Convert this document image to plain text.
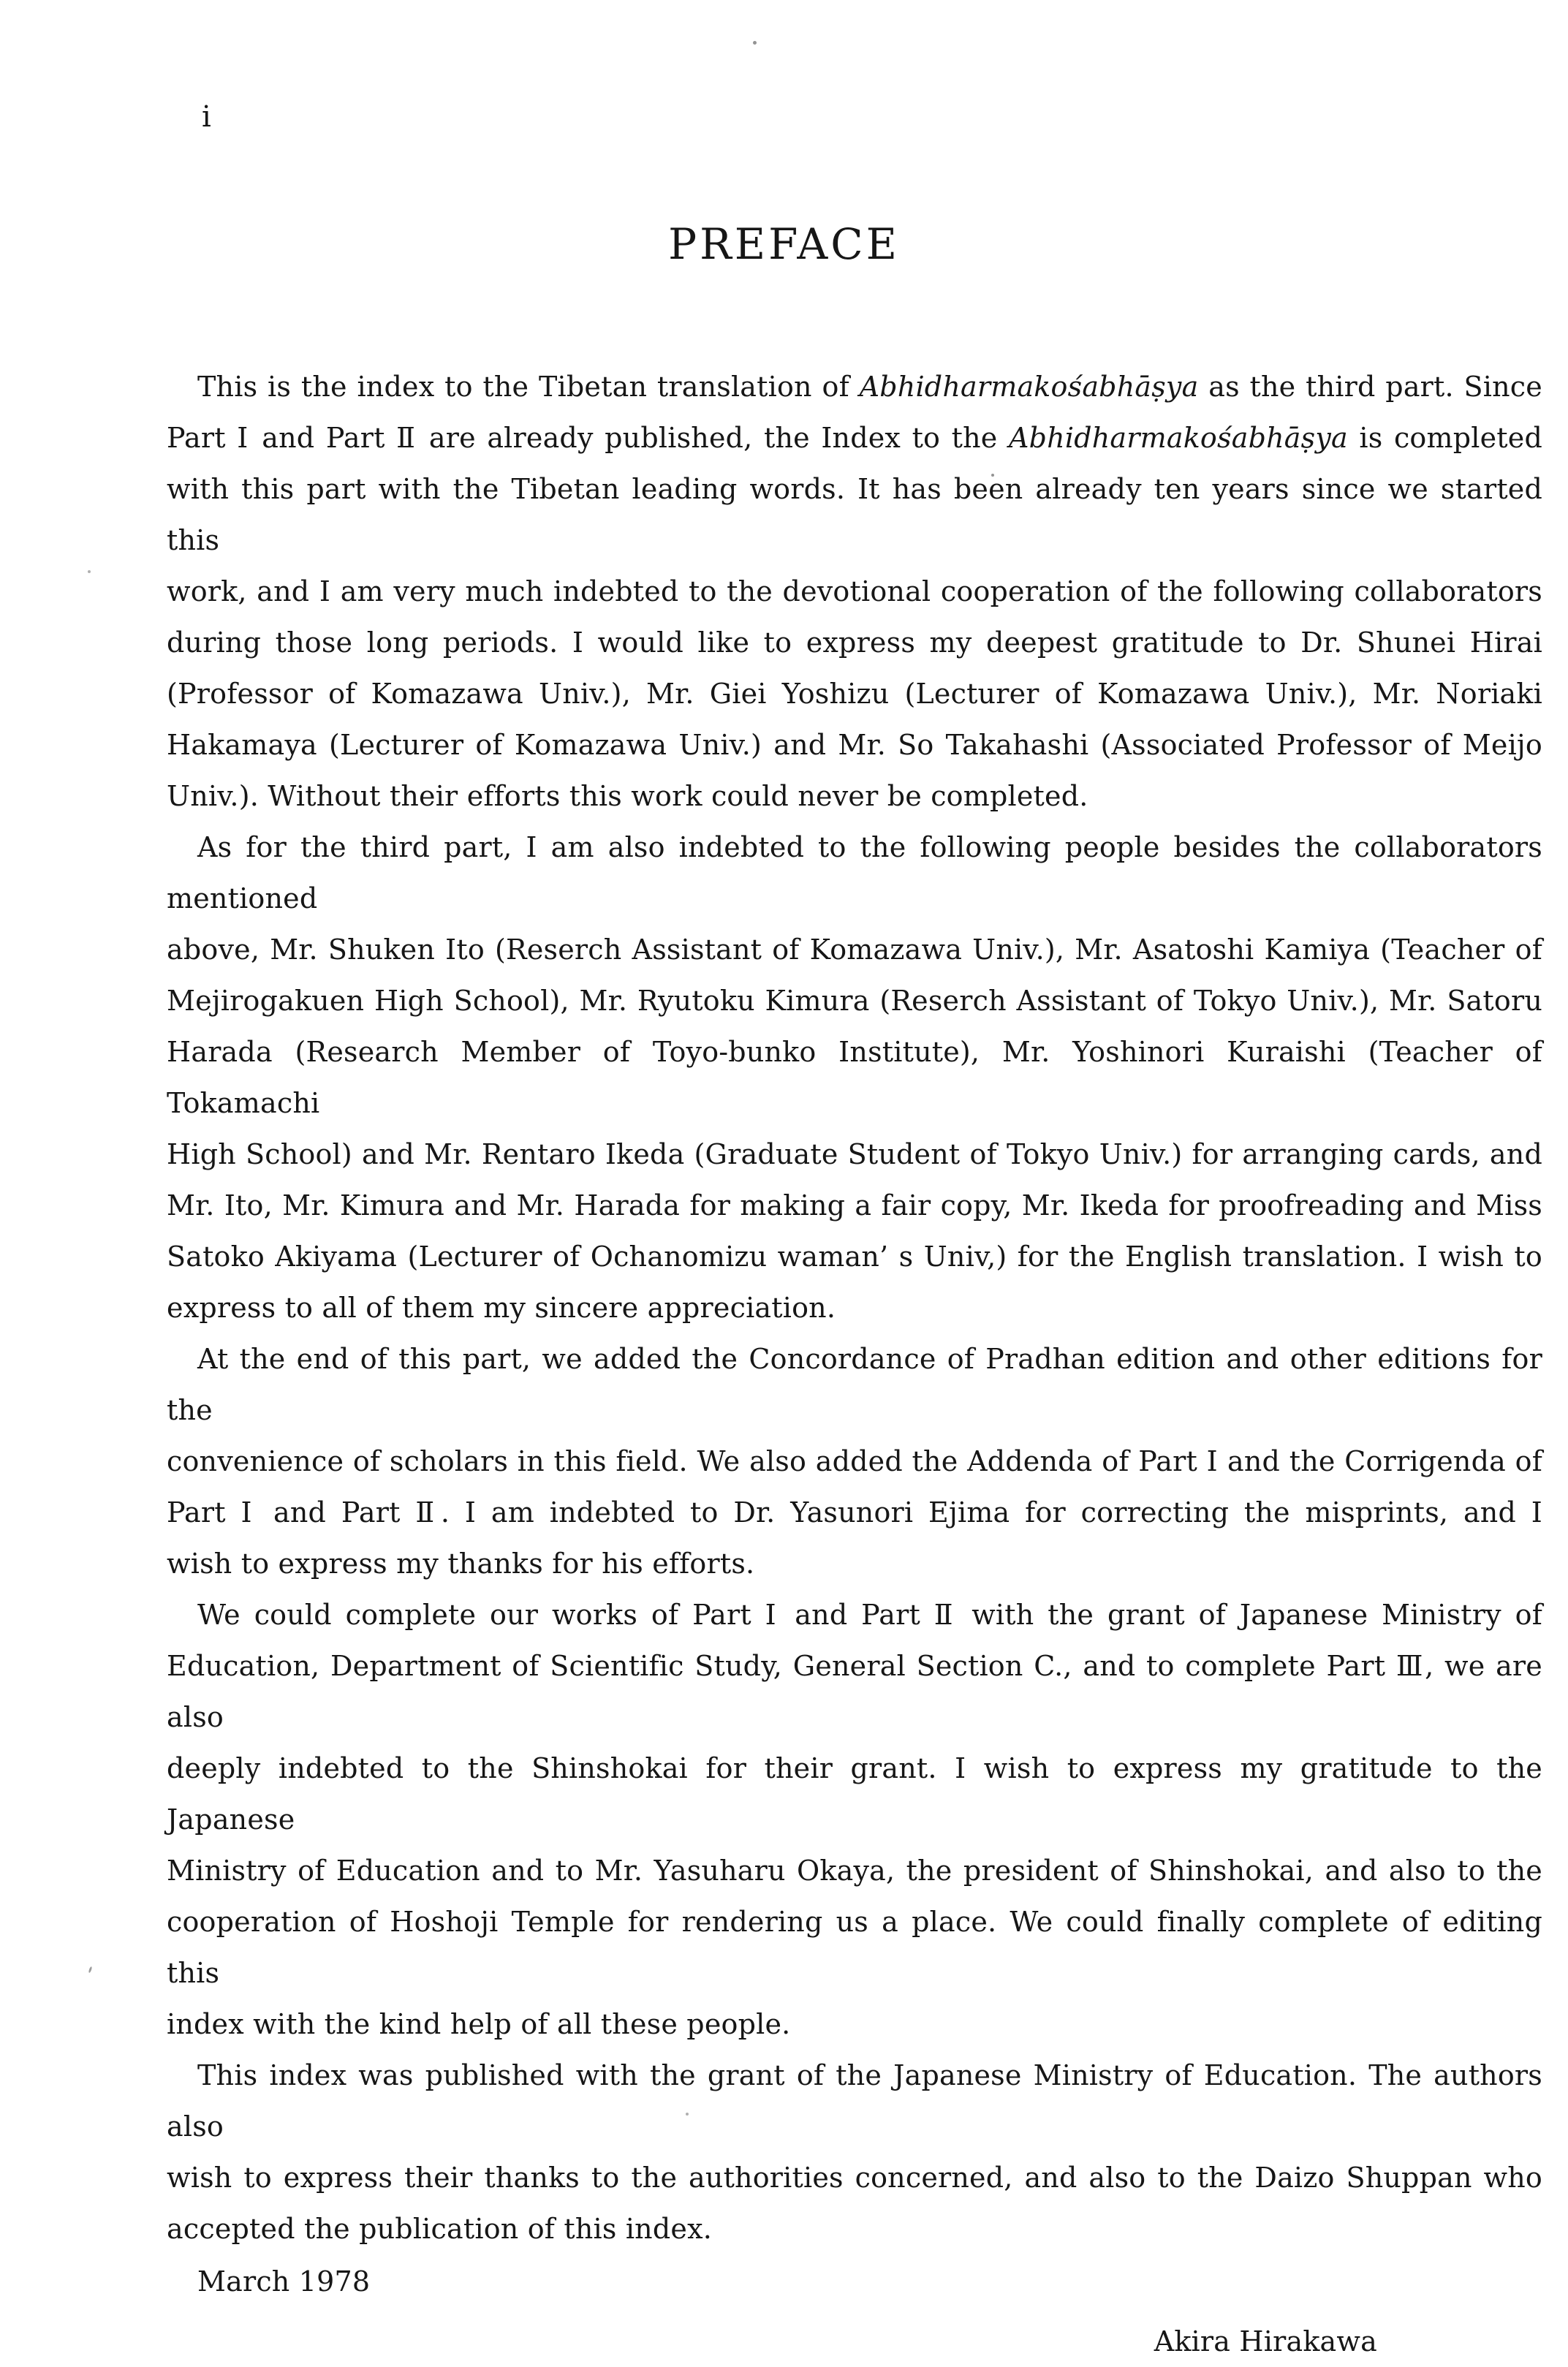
i
PREFACE
This is the index to the Tibetan translation of Abhidharmakośabhāṣya as the third part. Since
Part Ⅰ and Part Ⅱ are already published, the Index to the Abhidharmakośabhāṣya is completed
with this part with the Tibetan leading words. It has been already ten years since we started this
work, and I am very much indebted to the devotional cooperation of the following collaborators
during those long periods. I would like to express my deepest gratitude to Dr. Shunei Hirai
(Professor of Komazawa Univ.), Mr. Giei Yoshizu (Lecturer of Komazawa Univ.), Mr. Noriaki
Hakamaya (Lecturer of Komazawa Univ.) and Mr. So Takahashi (Associated Professor of Meijo
Univ.). Without their efforts this work could never be completed.
As for the third part, I am also indebted to the following people besides the collaborators mentioned
above, Mr. Shuken Ito (Reserch Assistant of Komazawa Univ.), Mr. Asatoshi Kamiya (Teacher of
Mejirogakuen High School), Mr. Ryutoku Kimura (Reserch Assistant of Tokyo Univ.), Mr. Satoru
Harada (Research Member of Toyo-bunko Institute), Mr. Yoshinori Kuraishi (Teacher of Tokamachi
High School) and Mr. Rentaro Ikeda (Graduate Student of Tokyo Univ.) for arranging cards, and
Mr. Ito, Mr. Kimura and Mr. Harada for making a fair copy, Mr. Ikeda for proofreading and Miss
Satoko Akiyama (Lecturer of Ochanomizu waman’ s Univ,) for the English translation. I wish to
express to all of them my sincere appreciation.
At the end of this part, we added the Concordance of Pradhan edition and other editions for the
convenience of scholars in this field. We also added the Addenda of Part Ⅰ and the Corrigenda of
Part Ⅰ and Part Ⅱ. I am indebted to Dr. Yasunori Ejima for correcting the misprints, and I
wish to express my thanks for his efforts.
We could complete our works of Part Ⅰ and Part Ⅱ with the grant of Japanese Ministry of
Education, Department of Scientific Study, General Section C., and to complete Part Ⅲ, we are also
deeply indebted to the Shinshokai for their grant. I wish to express my gratitude to the Japanese
Ministry of Education and to Mr. Yasuharu Okaya, the president of Shinshokai, and also to the
cooperation of Hoshoji Temple for rendering us a place. We could finally complete of editing this
index with the kind help of all these people.
This index was published with the grant of the Japanese Ministry of Education. The authors also
wish to express their thanks to the authorities concerned, and also to the Daizo Shuppan who
accepted the publication of this index.
March 1978
Akira Hirakawa
